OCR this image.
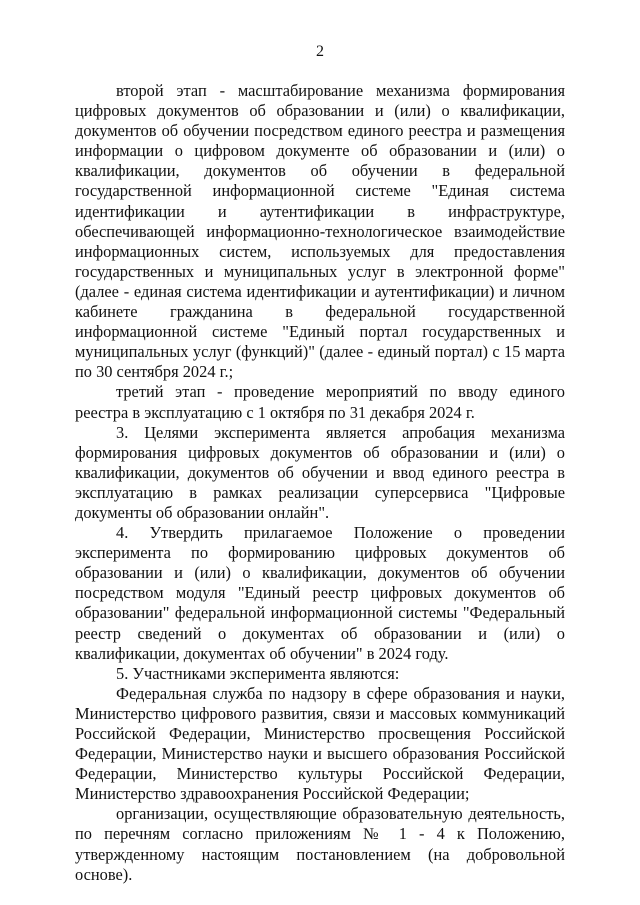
2

второй этап - масштабирование механизма формирования цифровых документов об образовании и (или) о квалификации, документов об обучении посредством единого реестра и размещения информации о цифровом документе об образовании и (или) о квалификации, документов об обучении в федеральной государственной информационной системе "Единая система идентификации и аутентификации в инфраструктуре, обеспечивающей информационно-технологическое взаимодействие информационных систем, используемых для предоставления государственных и муниципальных услуг в электронной форме" (далее - единая система идентификации и аутентификации) и личном кабинете гражданина в федеральной государственной информационной системе "Единый портал государственных и муниципальных услуг (функций)" (далее - единый портал) с 15 марта по 30 сентября 2024 г.;

третий этап - проведение мероприятий по вводу единого реестра в эксплуатацию с 1 октября по 31 декабря 2024 г.

3. Целями эксперимента является апробация механизма формирования цифровых документов об образовании и (или) о квалификации, документов об обучении и ввод единого реестра в эксплуатацию в рамках реализации суперсервиса "Цифровые документы об образовании онлайн".

4. Утвердить прилагаемое Положение о проведении эксперимента по формированию цифровых документов об образовании и (или) о квалификации, документов об обучении посредством модуля "Единый реестр цифровых документов об образовании" федеральной информационной системы "Федеральный реестр сведений о документах об образовании и (или) о квалификации, документах об обучении" в 2024 году.

5. Участниками эксперимента являются:

Федеральная служба по надзору в сфере образования и науки, Министерство цифрового развития, связи и массовых коммуникаций Российской Федерации, Министерство просвещения Российской Федерации, Министерство науки и высшего образования Российской Федерации, Министерство культуры Российской Федерации, Министерство здравоохранения Российской Федерации;

организации, осуществляющие образовательную деятельность, по перечням согласно приложениям № 1 - 4 к Положению, утвержденному настоящим постановлением (на добровольной основе).
